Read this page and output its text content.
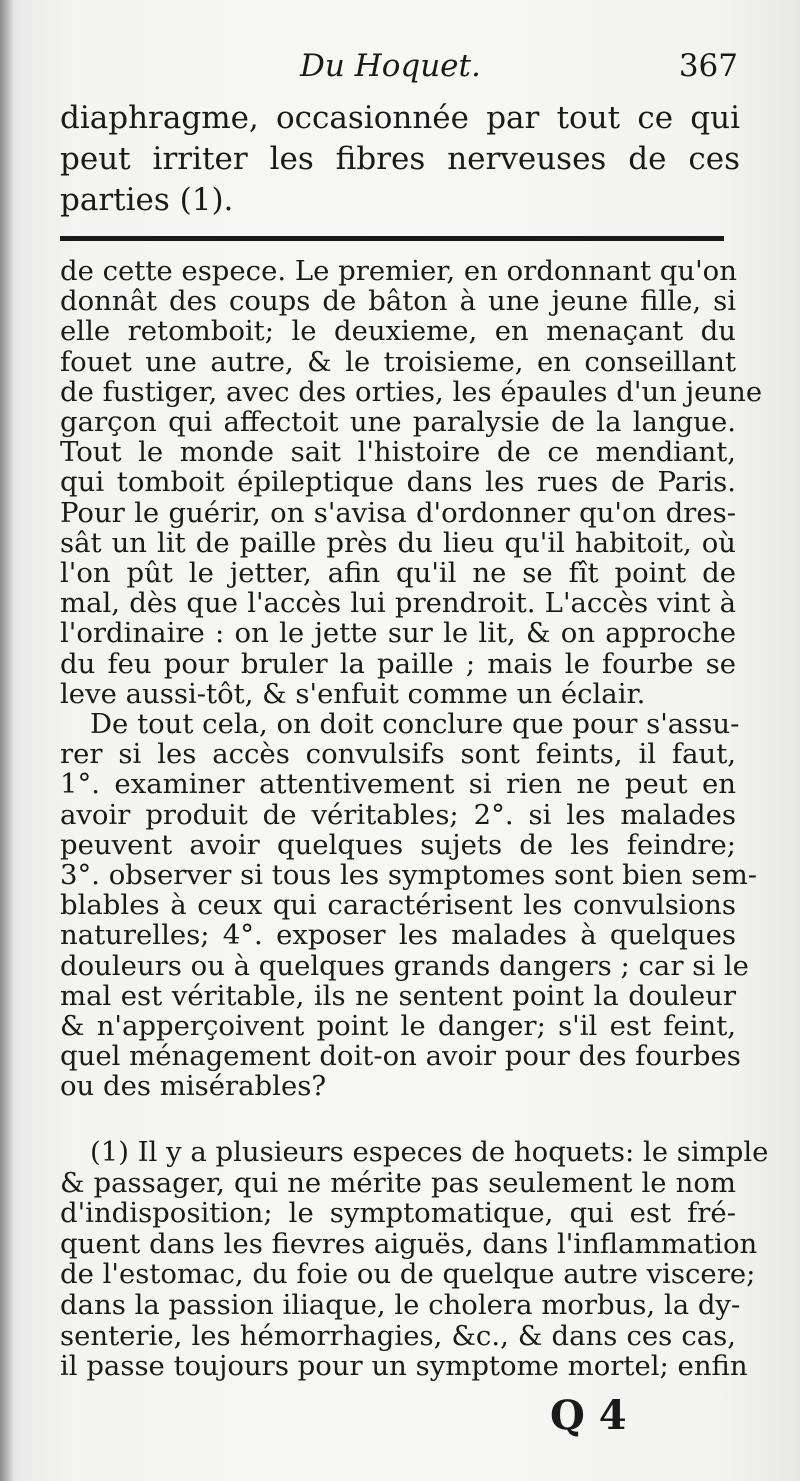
Du Hoquet.	367
diaphragme, occasionnée par tout ce qui
peut irriter les fibres nerveuses de ces
parties (1).
de cette espece. Le premier, en ordonnant qu'on
donnât des coups de bâton à une jeune fille, si
elle retomboit; le deuxieme, en menaçant du
fouet une autre, & le troisieme, en conseillant
de fustiger, avec des orties, les épaules d'un jeune
garçon qui affectoit une paralysie de la langue.
Tout le monde sait l'histoire de ce mendiant,
qui tomboit épileptique dans les rues de Paris.
Pour le guérir, on s'avisa d'ordonner qu'on dres-
sât un lit de paille près du lieu qu'il habitoit, où
l'on pût le jetter, afin qu'il ne se fît point de
mal, dès que l'accès lui prendroit. L'accès vint à
l'ordinaire : on le jette sur le lit, & on approche
du feu pour bruler la paille ; mais le fourbe se
leve aussi-tôt, & s'enfuit comme un éclair.
De tout cela, on doit conclure que pour s'assu-
rer si les accès convulsifs sont feints, il faut,
1°. examiner attentivement si rien ne peut en
avoir produit de véritables; 2°. si les malades
peuvent avoir quelques sujets de les feindre;
3°. observer si tous les symptomes sont bien sem-
blables à ceux qui caractérisent les convulsions
naturelles; 4°. exposer les malades à quelques
douleurs ou à quelques grands dangers ; car si le
mal est véritable, ils ne sentent point la douleur
& n'apperçoivent point le danger; s'il est feint,
quel ménagement doit-on avoir pour des fourbes
ou des misérables?
(1) Il y a plusieurs especes de hoquets: le simple
& passager, qui ne mérite pas seulement le nom
d'indisposition; le symptomatique, qui est fré-
quent dans les fievres aiguës, dans l'inflammation
de l'estomac, du foie ou de quelque autre viscere;
dans la passion iliaque, le cholera morbus, la dy-
senterie, les hémorrhagies, &c., & dans ces cas,
il passe toujours pour un symptome mortel; enfin
Q 4
